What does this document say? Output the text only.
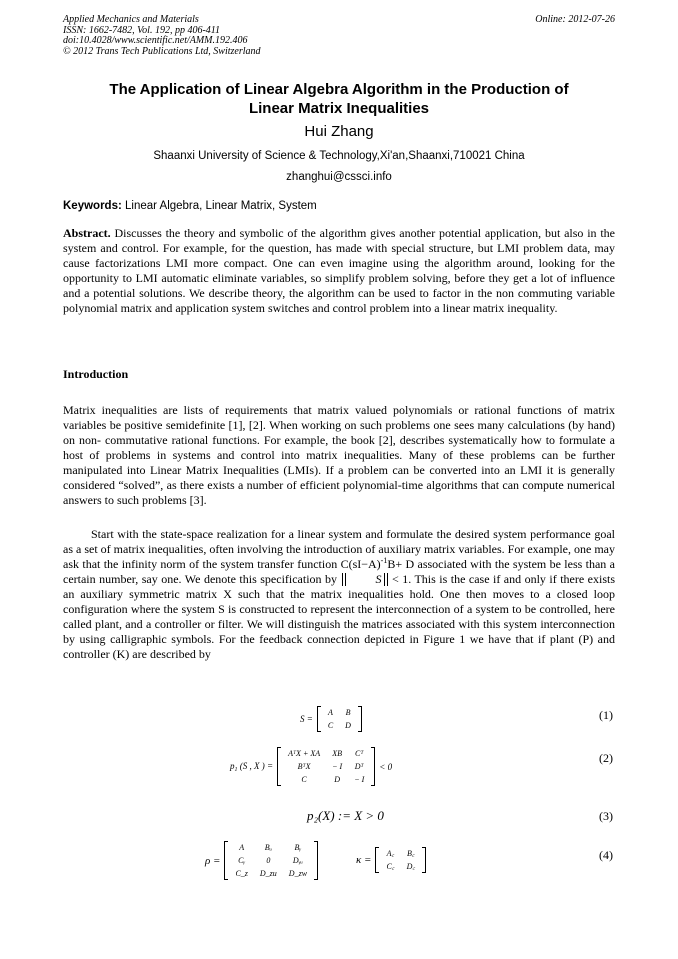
Applied Mechanics and Materials
ISSN: 1662-7482, Vol. 192, pp 406-411
doi:10.4028/www.scientific.net/AMM.192.406
© 2012 Trans Tech Publications Ltd, Switzerland
Online: 2012-07-26
The Application of Linear Algebra Algorithm in the Production of
Linear Matrix Inequalities
Hui Zhang
Shaanxi University of Science & Technology,Xi'an,Shaanxi,710021 China
zhanghui@cssci.info
Keywords: Linear Algebra, Linear Matrix, System
Abstract. Discusses the theory and symbolic of the algorithm gives another potential application, but also in the system and control. For example, for the question, has made with special structure, but LMI problem data, may cause factorizations LMI more compact. One can even imagine using the algorithm around, looking for the opportunity to LMI automatic eliminate variables, so simplify problem solving, before they get a lot of influence and a potential solutions. We describe theory, the algorithm can be used to factor in the non commuting variable polynomial matrix and application system switches and control problem into a linear matrix inequality.
Introduction
Matrix inequalities are lists of requirements that matrix valued polynomials or rational functions of matrix variables be positive semidefinite [1], [2]. When working on such problems one sees many calculations (by hand) on non- commutative rational functions. For example, the book [2], describes systematically how to formulate a host of problems in systems and control into matrix inequalities. Many of these problems can be further manipulated into Linear Matrix Inequalities (LMIs). If a problem can be converted into an LMI it is generally considered “solved”, as there exists a number of efficient polynomial-time algorithms that can compute numerical answers to such problems [3].
Start with the state-space realization for a linear system and formulate the desired system performance goal as a set of matrix inequalities, often involving the introduction of auxiliary matrix variables. For example, one may ask that the infinity norm of the system transfer function $C(sI-A)^{-1}B+ D$ associated with the system be less than a certain number, say one. We denote this specification by	S < 1. This is the case if and only if there exists an auxiliary symmetric matrix X such that the matrix inequalities hold. One then moves to a closed loop configuration where the system S is constructed to represent the interconnection of a system to be controlled, here called plant, and a controller or filter. We will distinguish the matrices associated with this system interconnection by using calligraphic symbols. For the feedback connection depicted in Figure 1 we have that if plant (P) and controller (K) are described by
S =
A	B
C	D
(1)
$p_1$ (S , X ) =
AᵀX + XA	XB	Cᵀ
BᵀX	− I	Dᵀ
C	D	− I
< 0
(2)
p₂(X) := X > 0	(3)
ρ =
A	Bᵤ	Bᵧ
Cᵧ	0	Dᵧᵤ
C_z	D_zu	D_zw
κ =
A꜀	B꜀
C꜀	D꜀
(4)
